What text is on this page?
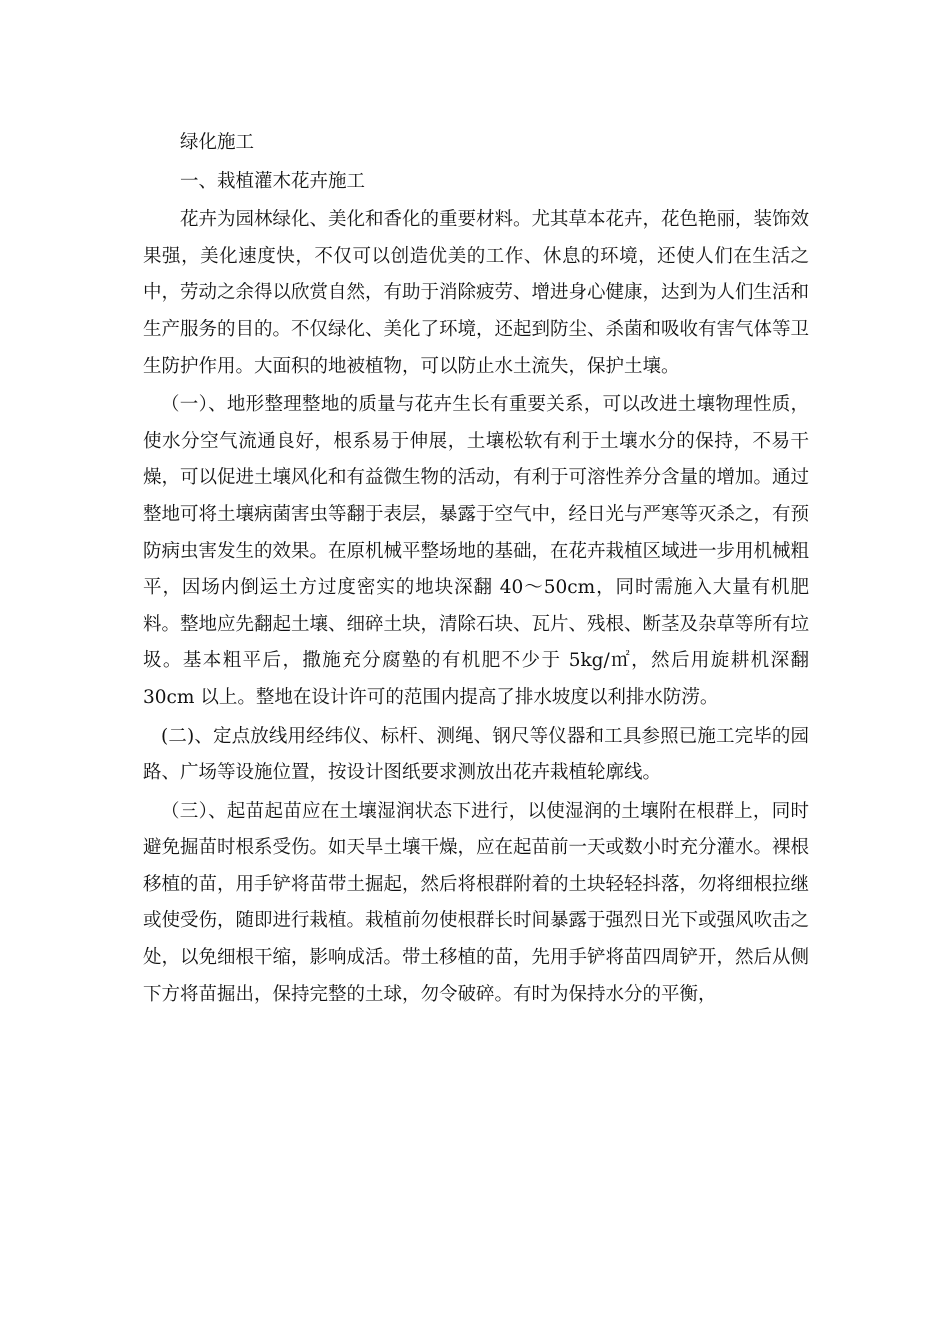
绿化施工

一、栽植灌木花卉施工

花卉为园林绿化、美化和香化的重要材料。尤其草本花卉，花色艳丽，装饰效果强，美化速度快，不仅可以创造优美的工作、休息的环境，还使人们在生活之中，劳动之余得以欣赏自然，有助于消除疲劳、增进身心健康，达到为人们生活和生产服务的目的。不仅绿化、美化了环境，还起到防尘、杀菌和吸收有害气体等卫生防护作用。大面积的地被植物，可以防止水土流失，保护土壤。

（一）、地形整理整地的质量与花卉生长有重要关系，可以改进土壤物理性质，使水分空气流通良好，根系易于伸展，土壤松软有利于土壤水分的保持，不易干燥，可以促进土壤风化和有益微生物的活动，有利于可溶性养分含量的增加。通过整地可将土壤病菌害虫等翻于表层，暴露于空气中，经日光与严寒等灭杀之，有预防病虫害发生的效果。在原机械平整场地的基础，在花卉栽植区域进一步用机械粗平，因场内倒运土方过度密实的地块深翻 40～50cm，同时需施入大量有机肥料。整地应先翻起土壤、细碎土块，清除石块、瓦片、残根、断茎及杂草等所有垃圾。基本粗平后，撒施充分腐塾的有机肥不少于 5kg/㎡，然后用旋耕机深翻 30cm 以上。整地在设计许可的范围内提高了排水坡度以利排水防涝。

(二)、定点放线用经纬仪、标杆、测绳、钢尺等仪器和工具参照已施工完毕的园路、广场等设施位置，按设计图纸要求测放出花卉栽植轮廓线。

（三）、起苗起苗应在土壤湿润状态下进行，以使湿润的土壤附在根群上，同时避免掘苗时根系受伤。如天旱土壤干燥，应在起苗前一天或数小时充分灌水。裸根移植的苗，用手铲将苗带土掘起，然后将根群附着的土块轻轻抖落，勿将细根拉继或使受伤，随即进行栽植。栽植前勿使根群长时间暴露于强烈日光下或强风吹击之处，以免细根干缩，影响成活。带土移植的苗，先用手铲将苗四周铲开，然后从侧下方将苗掘出，保持完整的土球，勿令破碎。有时为保持水分的平衡，
